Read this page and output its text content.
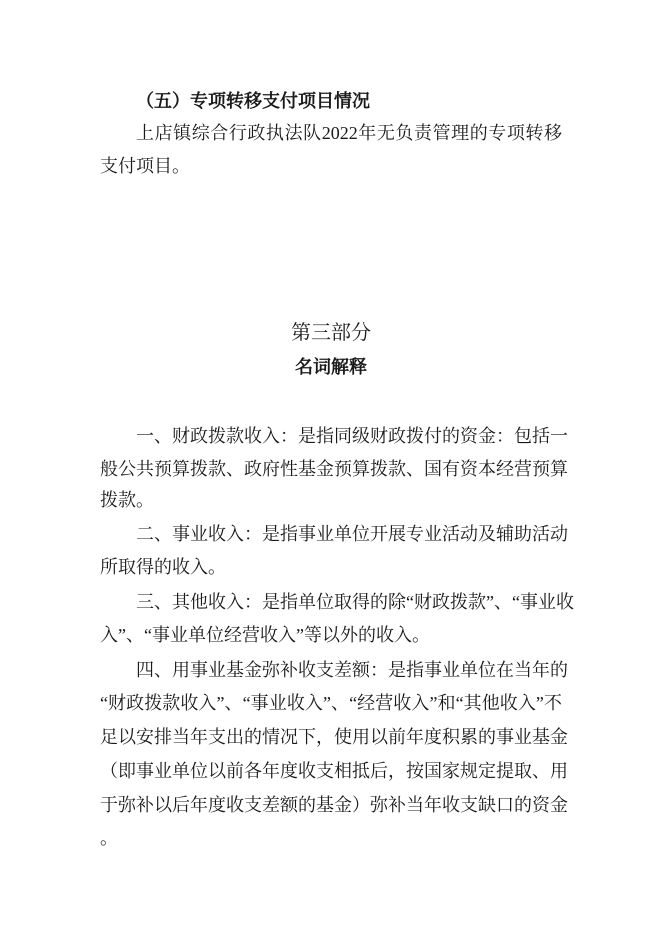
（五）专项转移支付项目情况
上店镇综合行政执法队2022年无负责管理的专项转移
支付项目。
第三部分
名词解释
一、财政拨款收入：是指同级财政拨付的资金：包括一
般公共预算拨款、政府性基金预算拨款、国有资本经营预算
拨款。
二、事业收入：是指事业单位开展专业活动及辅助活动
所取得的收入。
三、其他收入：是指单位取得的除“财政拨款”、“事业收
入”、“事业单位经营收入”等以外的收入。
四、用事业基金弥补收支差额：是指事业单位在当年的
“财政拨款收入”、“事业收入”、“经营收入”和“其他收入”不
足以安排当年支出的情况下，使用以前年度积累的事业基金
（即事业单位以前各年度收支相抵后，按国家规定提取、用
于弥补以后年度收支差额的基金）弥补当年收支缺口的资金
。
